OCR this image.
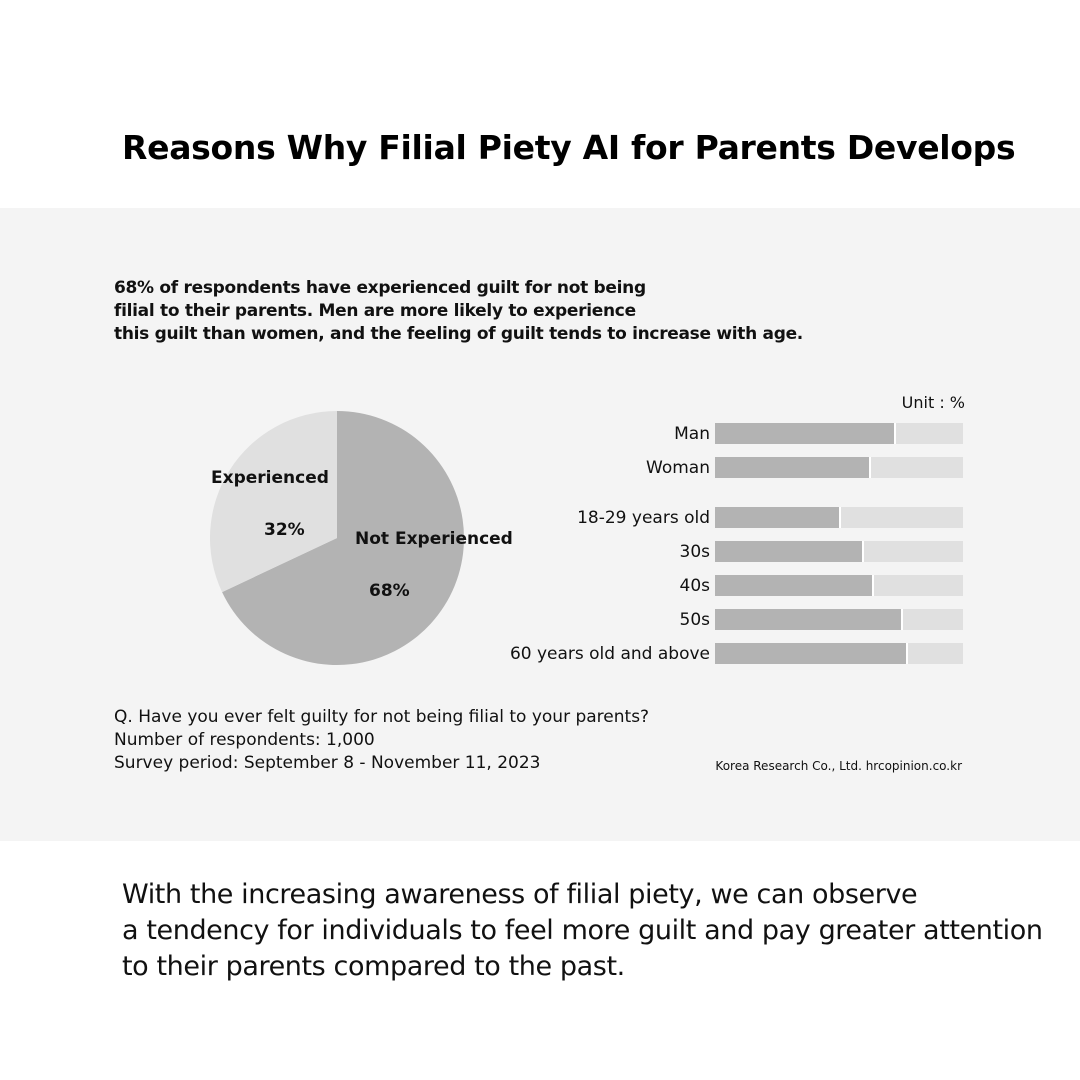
Reasons Why Filial Piety AI for Parents Develops

68% of respondents have experienced guilt for not being
filial to their parents. Men are more likely to experience
this guilt than women, and the feeling of guilt tends to increase with age.

Experienced
32%	Not Experienced
68%
Unit : %
Man
Woman
18-29 years old
30s
40s
50s
60 years old and above

Q. Have you ever felt guilty for not being filial to your parents?
Number of respondents: 1,000
Survey period: September 8 - November 11, 2023	Korea Research Co., Ltd. hrcopinion.co.kr

With the increasing awareness of filial piety, we can observe
a tendency for individuals to feel more guilt and pay greater attention
to their parents compared to the past.
